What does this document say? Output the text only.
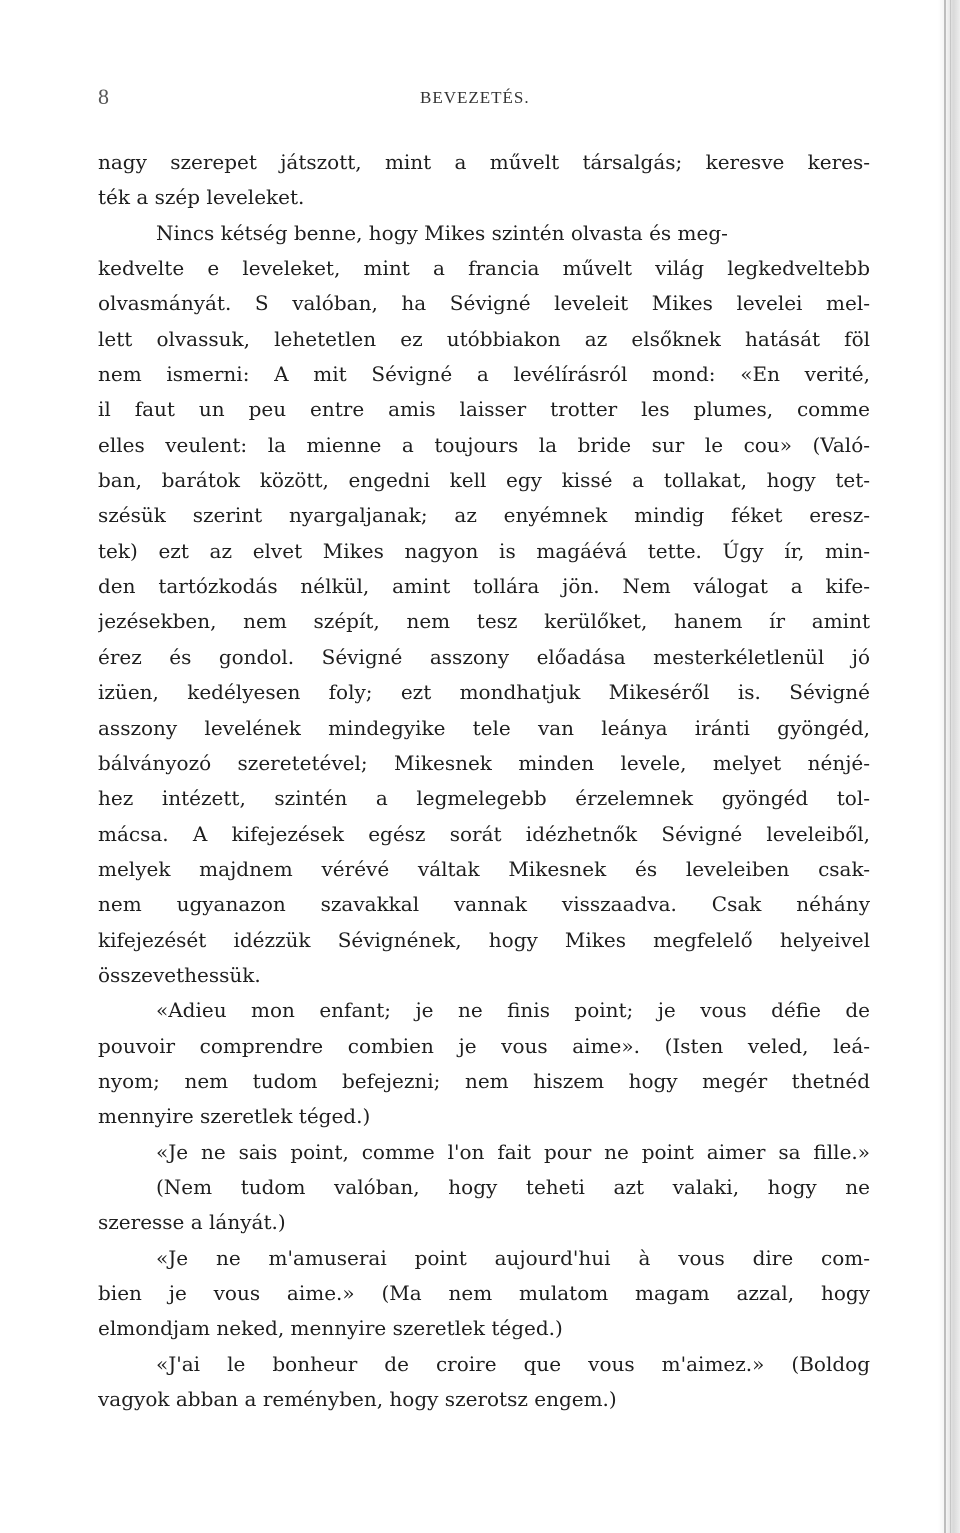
8	BEVEZETÉS.
nagy szerepet játszott, mint a művelt társalgás; keresve keres-
ték a szép leveleket.
Nincs kétség benne, hogy Mikes szintén olvasta és meg-
kedvelte e leveleket, mint a francia művelt világ legkedveltebb
olvasmányát. S valóban, ha Sévigné leveleit Mikes levelei mel-
lett olvassuk, lehetetlen ez utóbbiakon az elsőknek hatását föl
nem ismerni: A mit Sévigné a levélírásról mond: «En verité,
il faut un peu entre amis laisser trotter les plumes, comme
elles veulent: la mienne a toujours la bride sur le cou» (Való-
ban, barátok között, engedni kell egy kissé a tollakat, hogy tet-
szésük szerint nyargaljanak; az enyémnek mindig féket eresz-
tek) ezt az elvet Mikes nagyon is magáévá tette. Úgy ír, min-
den tartózkodás nélkül, amint tollára jön. Nem válogat a kife-
jezésekben, nem szépít, nem tesz kerülőket, hanem ír amint
érez és gondol. Sévigné asszony előadása mesterkéletlenül jó
izüen, kedélyesen foly; ezt mondhatjuk Mikeséről is. Sévigné
asszony levelének mindegyike tele van leánya iránti gyöngéd,
bálványozó szeretetével; Mikesnek minden levele, melyet nénjé-
hez intézett, szintén a legmelegebb érzelemnek gyöngéd tol-
mácsa. A kifejezések egész sorát idézhetnők Sévigné leveleiből,
melyek majdnem vérévé váltak Mikesnek és leveleiben csak-
nem ugyanazon szavakkal vannak visszaadva. Csak néhány
kifejezését idézzük Sévignének, hogy Mikes megfelelő helyeivel
összevethessük.
«Adieu mon enfant; je ne finis point; je vous défie de
pouvoir comprendre combien je vous aime». (Isten veled, leá-
nyom; nem tudom befejezni; nem hiszem hogy megér thetnéd
mennyire szeretlek téged.)
«Je ne sais point, comme l'on fait pour ne point aimer sa fille.»
(Nem tudom valóban, hogy teheti azt valaki, hogy ne
szeresse a lányát.)
«Je ne m'amuserai point aujourd'hui à vous dire com-
bien je vous aime.» (Ma nem mulatom magam azzal, hogy
elmondjam neked, mennyire szeretlek téged.)
«J'ai le bonheur de croire que vous m'aimez.» (Boldog
vagyok abban a reményben, hogy szerotsz engem.)
